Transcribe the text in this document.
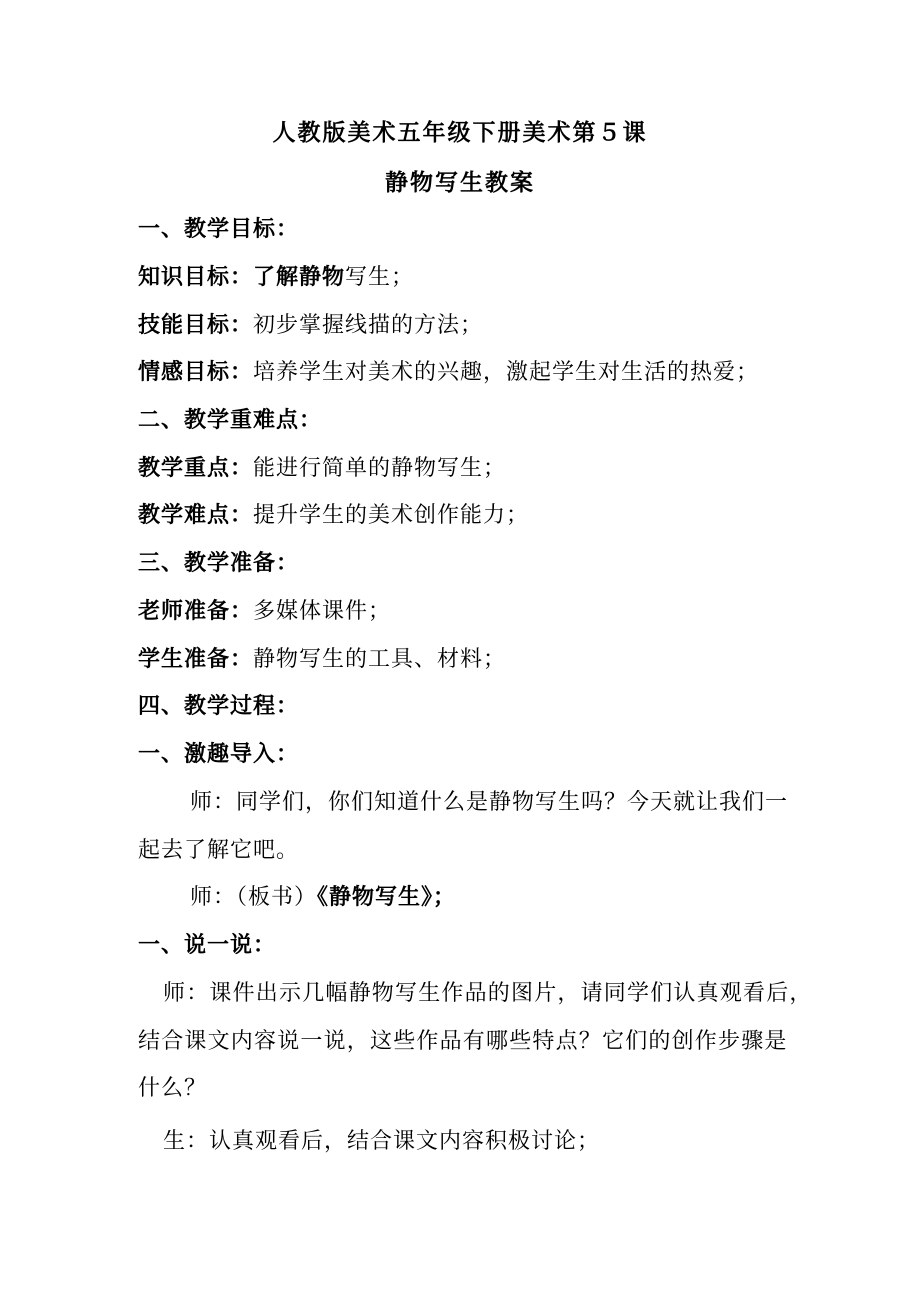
人教版美术五年级下册美术第５课
静物写生教案
一、教学目标：
知识目标：了解静物写生；
技能目标：初步掌握线描的方法；
情感目标：培养学生对美术的兴趣，激起学生对生活的热爱；
二、教学重难点：
教学重点：能进行简单的静物写生；
教学难点：提升学生的美术创作能力；
三、教学准备：
老师准备：多媒体课件；
学生准备：静物写生的工具、材料；
四、教学过程：
一、激趣导入：
师：同学们，你们知道什么是静物写生吗？今天就让我们一
起去了解它吧。
师：（板书）《静物写生》；
一、说一说：
师：课件出示几幅静物写生作品的图片，请同学们认真观看后，
结合课文内容说一说，这些作品有哪些特点？它们的创作步骤是
什么？
生：认真观看后，结合课文内容积极讨论；
